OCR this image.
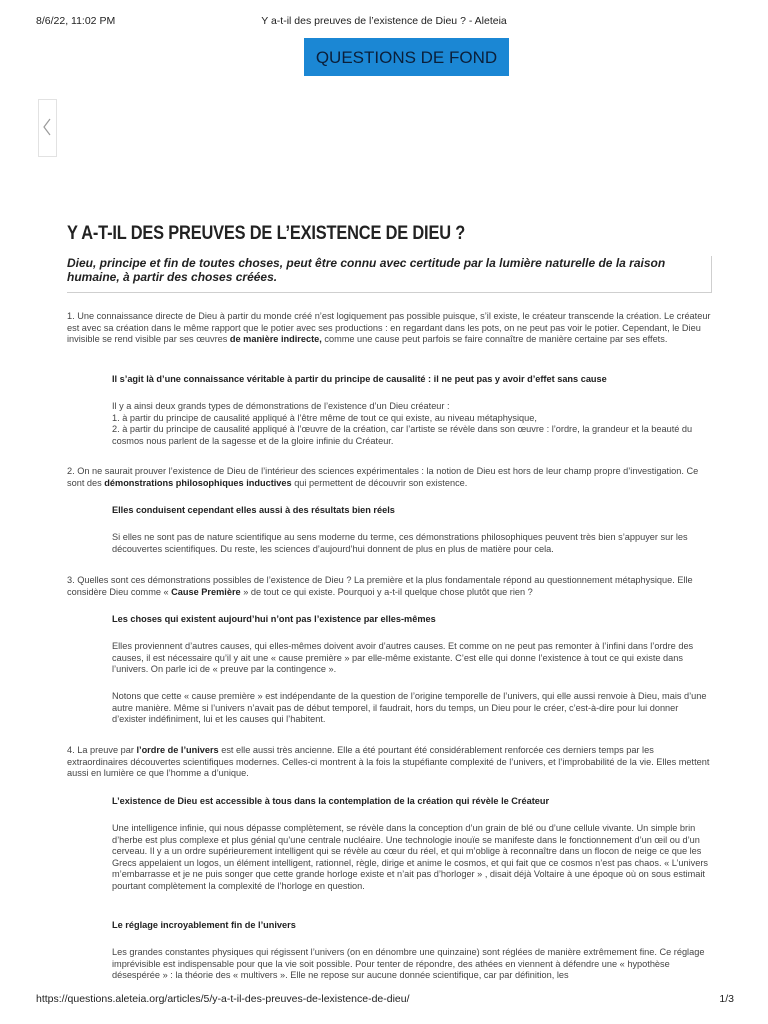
8/6/22, 11:02 PM	Y a-t-il des preuves de l’existence de Dieu ? - Aleteia
QUESTIONS DE FOND
Y A-T-IL DES PREUVES DE L’EXISTENCE DE DIEU ?
Dieu, principe et fin de toutes choses, peut être connu avec certitude par la lumière naturelle de la raison humaine, à partir des choses créées.
1. Une connaissance directe de Dieu à partir du monde créé n’est logiquement pas possible puisque, s’il existe, le créateur transcende la création. Le créateur est avec sa création dans le même rapport que le potier avec ses productions : en regardant dans les pots, on ne peut pas voir le potier. Cependant, le Dieu invisible se rend visible par ses œuvres de manière indirecte, comme une cause peut parfois se faire connaître de manière certaine par ses effets.
Il s’agit là d’une connaissance véritable à partir du principe de causalité : il ne peut pas y avoir d’effet sans cause
Il y a ainsi deux grands types de démonstrations de l’existence d’un Dieu créateur :
1. à partir du principe de causalité appliqué à l’être même de tout ce qui existe, au niveau métaphysique,
2. à partir du principe de causalité appliqué à l’œuvre de la création, car l’artiste se révèle dans son œuvre : l’ordre, la grandeur et la beauté du cosmos nous parlent de la sagesse et de la gloire infinie du Créateur.
2. On ne saurait prouver l’existence de Dieu de l’intérieur des sciences expérimentales : la notion de Dieu est hors de leur champ propre d’investigation. Ce sont des démonstrations philosophiques inductives qui permettent de découvrir son existence.
Elles conduisent cependant elles aussi à des résultats bien réels
Si elles ne sont pas de nature scientifique au sens moderne du terme, ces démonstrations philosophiques peuvent très bien s’appuyer sur les découvertes scientifiques. Du reste, les sciences d’aujourd’hui donnent de plus en plus de matière pour cela.
3. Quelles sont ces démonstrations possibles de l’existence de Dieu ? La première et la plus fondamentale répond au questionnement métaphysique. Elle considère Dieu comme « Cause Première » de tout ce qui existe. Pourquoi y a-t-il quelque chose plutôt que rien ?
Les choses qui existent aujourd’hui n’ont pas l’existence par elles-mêmes
Elles proviennent d’autres causes, qui elles-mêmes doivent avoir d’autres causes. Et comme on ne peut pas remonter à l’infini dans l’ordre des causes, il est nécessaire qu’il y ait une « cause première » par elle-même existante. C’est elle qui donne l’existence à tout ce qui existe dans l’univers. On parle ici de « preuve par la contingence ».
Notons que cette « cause première » est indépendante de la question de l’origine temporelle de l’univers, qui elle aussi renvoie à Dieu, mais d’une autre manière. Même si l’univers n’avait pas de début temporel, il faudrait, hors du temps, un Dieu pour le créer, c’est-à-dire pour lui donner d’exister indéfiniment, lui et les causes qui l’habitent.
4. La preuve par l’ordre de l’univers est elle aussi très ancienne. Elle a été pourtant été considérablement renforcée ces derniers temps par les extraordinaires découvertes scientifiques modernes. Celles-ci montrent à la fois la stupéfiante complexité de l’univers, et l’improbabilité de la vie. Elles mettent aussi en lumière ce que l’homme a d’unique.
L’existence de Dieu est accessible à tous dans la contemplation de la création qui révèle le Créateur
Une intelligence infinie, qui nous dépasse complètement, se révèle dans la conception d’un grain de blé ou d’une cellule vivante. Un simple brin d’herbe est plus complexe et plus génial qu’une centrale nucléaire. Une technologie inouïe se manifeste dans le fonctionnement d’un œil ou d’un cerveau. Il y a un ordre supérieurement intelligent qui se révèle au cœur du réel, et qui m’oblige à reconnaître dans un flocon de neige ce que les Grecs appelaient un logos, un élément intelligent, rationnel, règle, dirige et anime le cosmos, et qui fait que ce cosmos n’est pas chaos. « L’univers m’embarrasse et je ne puis songer que cette grande horloge existe et n’ait pas d’horloger » , disait déjà Voltaire à une époque où on sous estimait pourtant complètement la complexité de l’horloge en question.
Le réglage incroyablement fin de l’univers
Les grandes constantes physiques qui régissent l’univers (on en dénombre une quinzaine) sont réglées de manière extrêmement fine. Ce réglage imprévisible est indispensable pour que la vie soit possible. Pour tenter de répondre, des athées en viennent à défendre une « hypothèse désespérée » : la théorie des « multivers ». Elle ne repose sur aucune donnée scientifique, car par définition, les
https://questions.aleteia.org/articles/5/y-a-t-il-des-preuves-de-lexistence-de-dieu/	1/3
